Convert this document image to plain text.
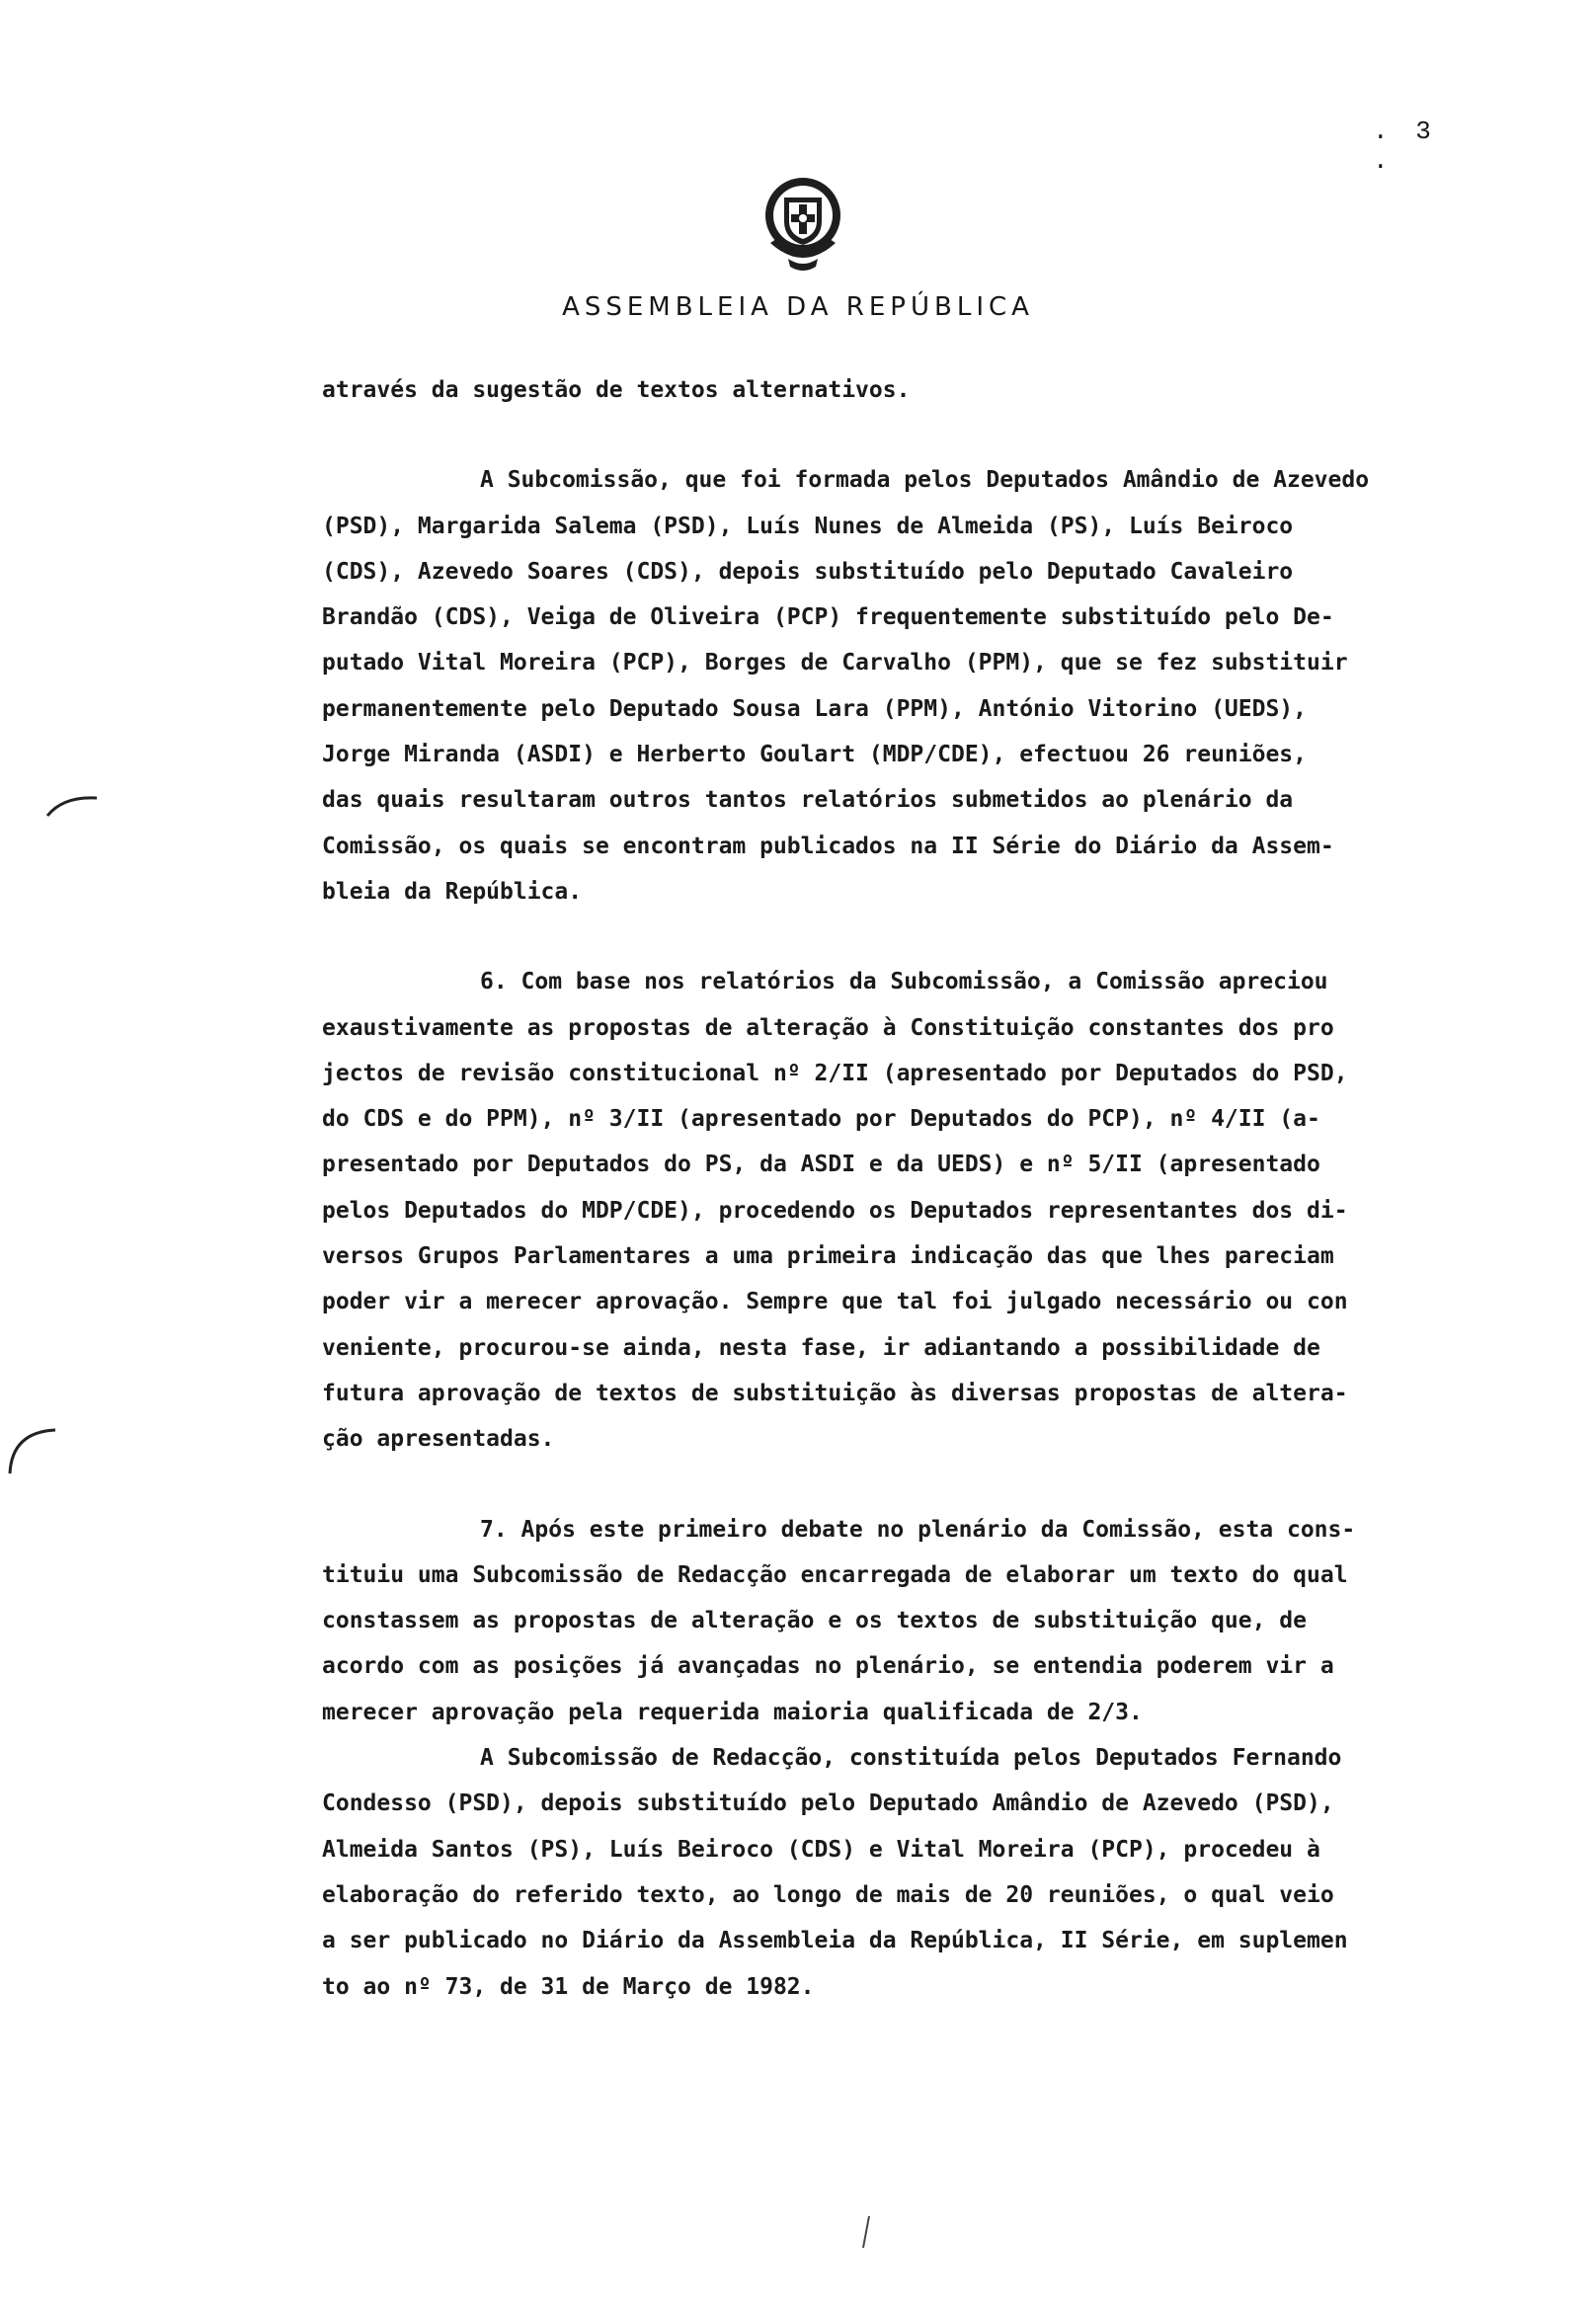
. 3 .
ASSEMBLEIA DA REPÚBLICA
através da sugestão de textos alternativos.
A Subcomissão, que foi formada pelos Deputados Amândio de Azevedo
(PSD), Margarida Salema (PSD), Luís Nunes de Almeida (PS), Luís Beiroco
(CDS), Azevedo Soares (CDS), depois substituído pelo Deputado Cavaleiro
Brandão (CDS), Veiga de Oliveira (PCP) frequentemente substituído pelo De-
putado Vital Moreira (PCP), Borges de Carvalho (PPM), que se fez substituir
permanentemente pelo Deputado Sousa Lara (PPM), António Vitorino (UEDS),
Jorge Miranda (ASDI) e Herberto Goulart (MDP/CDE), efectuou 26 reuniões,
das quais resultaram outros tantos relatórios submetidos ao plenário da
Comissão, os quais se encontram publicados na II Série do Diário da Assem-
bleia da República.
6. Com base nos relatórios da Subcomissão, a Comissão apreciou
exaustivamente as propostas de alteração à Constituição constantes dos pro
jectos de revisão constitucional nº 2/II (apresentado por Deputados do PSD,
do CDS e do PPM), nº 3/II (apresentado por Deputados do PCP), nº 4/II (a-
presentado por Deputados do PS, da ASDI e da UEDS) e nº 5/II (apresentado
pelos Deputados do MDP/CDE), procedendo os Deputados representantes dos di-
versos Grupos Parlamentares a uma primeira indicação das que lhes pareciam
poder vir a merecer aprovação. Sempre que tal foi julgado necessário ou con
veniente, procurou-se ainda, nesta fase, ir adiantando a possibilidade de
futura aprovação de textos de substituição às diversas propostas de altera-
ção apresentadas.
7. Após este primeiro debate no plenário da Comissão, esta cons-
tituiu uma Subcomissão de Redacção encarregada de elaborar um texto do qual
constassem as propostas de alteração e os textos de substituição que, de
acordo com as posições já avançadas no plenário, se entendia poderem vir a
merecer aprovação pela requerida maioria qualificada de 2/3.
A Subcomissão de Redacção, constituída pelos Deputados Fernando
Condesso (PSD), depois substituído pelo Deputado Amândio de Azevedo (PSD),
Almeida Santos (PS), Luís Beiroco (CDS) e Vital Moreira (PCP), procedeu à
elaboração do referido texto, ao longo de mais de 20 reuniões, o qual veio
a ser publicado no Diário da Assembleia da República, II Série, em suplemen
to ao nº 73, de 31 de Março de 1982.
